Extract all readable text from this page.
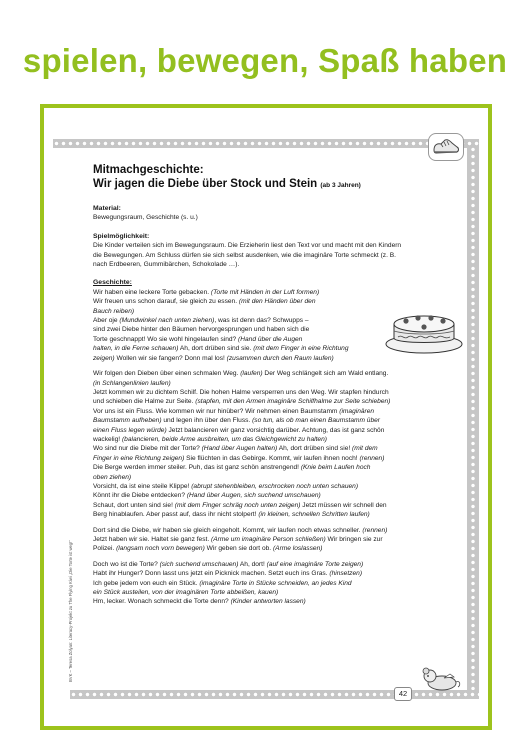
spielen, bewegen, Spaß haben
BVK – Teresa Zolyan: Literacy-Projekt zu The Flying Kiwi „Die Torte ist weg!“
Mitmachgeschichte:
Wir jagen die Diebe über Stock und Stein (ab 3 Jahren)
Material:
Bewegungsraum, Geschichte (s. u.)
Spielmöglichkeit:
Die Kinder verteilen sich im Bewegungsraum. Die Erzieherin liest den Text vor und macht mit den Kindern
die Bewegungen. Am Schluss dürfen sie sich selbst ausdenken, wie die imaginäre Torte schmeckt (z. B.
nach Erdbeeren, Gummibärchen, Schokolade …).
Geschichte:
Wir haben eine leckere Torte gebacken. (Torte mit Händen in der Luft formen)
Wir freuen uns schon darauf, sie gleich zu essen. (mit den Händen über den
Bauch reiben)
Aber oje (Mundwinkel nach unten ziehen), was ist denn das? Schwupps –
sind zwei Diebe hinter den Bäumen hervorgesprungen und haben sich die
Torte geschnappt! Wo sie wohl hingelaufen sind? (Hand über die Augen
halten, in die Ferne schauen) Ah, dort drüben sind sie. (mit dem Finger in eine Richtung
zeigen) Wollen wir sie fangen? Donn mal los! (zusammen durch den Raum laufen)
Wir folgen den Dieben über einen schmalen Weg. (laufen) Der Weg schlängelt sich am Wald entlang.
(in Schlangenlinien laufen)
Jetzt kommen wir zu dichtem Schilf. Die hohen Halme versperren uns den Weg. Wir stapfen hindurch
und schieben die Halme zur Seite. (stapfen, mit den Armen imaginäre Schilfhalme zur Seite schieben)
Vor uns ist ein Fluss. Wie kommen wir nur hinüber? Wir nehmen einen Baumstamm (imaginären
Baumstamm aufheben) und legen ihn über den Fluss. (so tun, als ob man einen Baumstamm über
einen Fluss legen würde) Jetzt balancieren wir ganz vorsichtig darüber. Achtung, das ist ganz schön
wackelig! (balancieren, beide Arme ausbreiten, um das Gleichgewicht zu halten)
Wo sind nur die Diebe mit der Torte? (Hand über Augen halten) Ah, dort drüben sind sie! (mit dem
Finger in eine Richtung zeigen) Sie flüchten in das Gebirge. Kommt, wir laufen ihnen noch! (rennen)
Die Berge werden immer steiler. Puh, das ist ganz schön anstrengend! (Knie beim Laufen hoch
oben ziehen)
Vorsicht, da ist eine steile Klippe! (abrupt stehenbleiben, erschrocken noch unten schauen)
Könnt ihr die Diebe entdecken? (Hand über Augen, sich suchend umschauen)
Schaut, dort unten sind sie! (mit dem Finger schräg noch unten zeigen) Jetzt müssen wir schnell den
Berg hinablaufen. Aber passt auf, dass ihr nicht stolpert! (in kleinen, schnellen Schritten laufen)
Dort sind die Diebe, wir haben sie gleich eingeholt. Kommt, wir laufen noch etwas schneller. (rennen)
Jetzt haben wir sie. Haltet sie ganz fest. (Arme um imaginäre Person schließen) Wir bringen sie zur
Polizei. (langsam noch vorn bewegen) Wir geben sie dort ob. (Arme loslassen)
Doch wo ist die Torte? (sich suchend umschauen) Ah, dort! (auf eine imaginäre Torte zeigen)
Habt ihr Hunger? Donn lasst uns jetzt ein Picknick machen. Setzt euch ins Gras. (hinsetzen)
Ich gebe jedem von euch ein Stück. (imaginäre Torte in Stücke schneiden, an jedes Kind
ein Stück austeilen, von der imaginären Torte abbeißen, kauen)
Hm, lecker. Wonach schmeckt die Torte denn? (Kinder antworten lassen)
42
